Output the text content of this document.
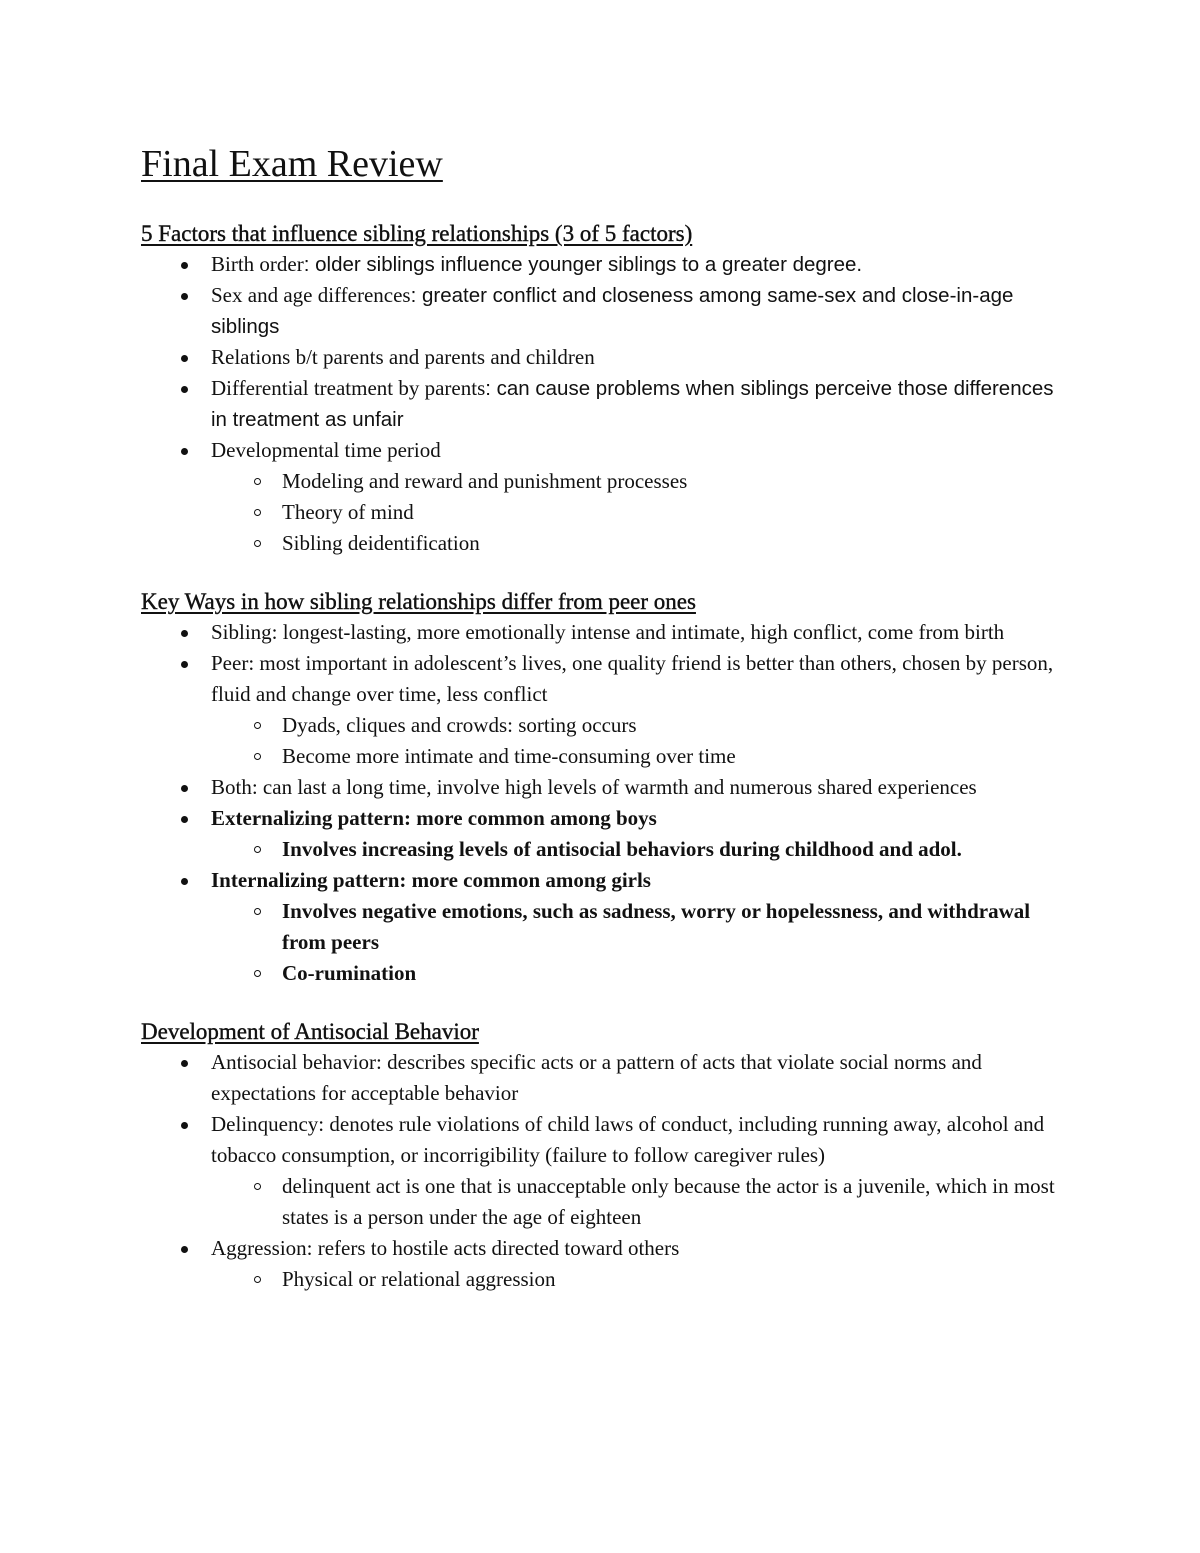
Final Exam Review
5 Factors that influence sibling relationships (3 of 5 factors)
Birth order: older siblings influence younger siblings to a greater degree.
Sex and age differences: greater conflict and closeness among same-sex and close-in-age siblings
Relations b/t parents and parents and children
Differential treatment by parents: can cause problems when siblings perceive those differences in treatment as unfair
Developmental time period
Modeling and reward and punishment processes
Theory of mind
Sibling deidentification
Key Ways in how sibling relationships differ from peer ones
Sibling: longest-lasting, more emotionally intense and intimate, high conflict, come from birth
Peer: most important in adolescent’s lives, one quality friend is better than others, chosen by person, fluid and change over time, less conflict
Dyads, cliques and crowds: sorting occurs
Become more intimate and time-consuming over time
Both: can last a long time, involve high levels of warmth and numerous shared experiences
Externalizing pattern: more common among boys
Involves increasing levels of antisocial behaviors during childhood and adol.
Internalizing pattern: more common among girls
Involves negative emotions, such as sadness, worry or hopelessness, and withdrawal from peers
Co-rumination
Development of Antisocial Behavior
Antisocial behavior: describes specific acts or a pattern of acts that violate social norms and expectations for acceptable behavior
Delinquency: denotes rule violations of child laws of conduct, including running away, alcohol and tobacco consumption, or incorrigibility (failure to follow caregiver rules)
delinquent act is one that is unacceptable only because the actor is a juvenile, which in most states is a person under the age of eighteen
Aggression: refers to hostile acts directed toward others
Physical or relational aggression
